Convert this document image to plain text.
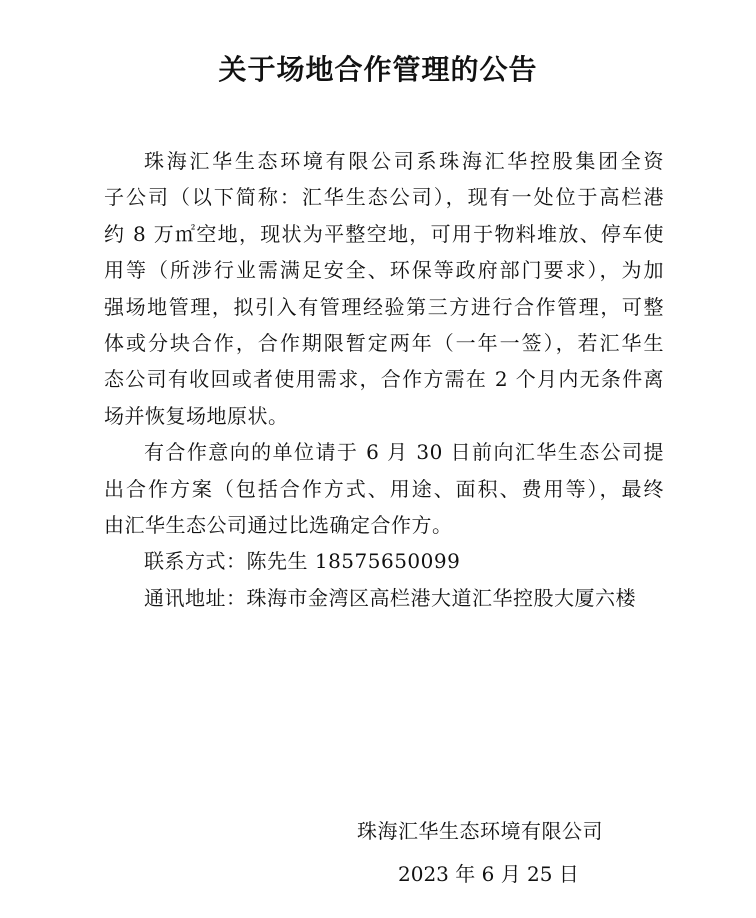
关于场地合作管理的公告
珠海汇华生态环境有限公司系珠海汇华控股集团全资
子公司（以下简称：汇华生态公司），现有一处位于高栏港
约 8 万㎡空地，现状为平整空地，可用于物料堆放、停车使
用等（所涉行业需满足安全、环保等政府部门要求），为加
强场地管理，拟引入有管理经验第三方进行合作管理，可整
体或分块合作，合作期限暂定两年（一年一签），若汇华生
态公司有收回或者使用需求，合作方需在 2 个月内无条件离
场并恢复场地原状。
有合作意向的单位请于 6 月 30 日前向汇华生态公司提
出合作方案（包括合作方式、用途、面积、费用等），最终
由汇华生态公司通过比选确定合作方。
联系方式：陈先生 18575650099
通讯地址：珠海市金湾区高栏港大道汇华控股大厦六楼
珠海汇华生态环境有限公司
2023 年 6 月 25 日
